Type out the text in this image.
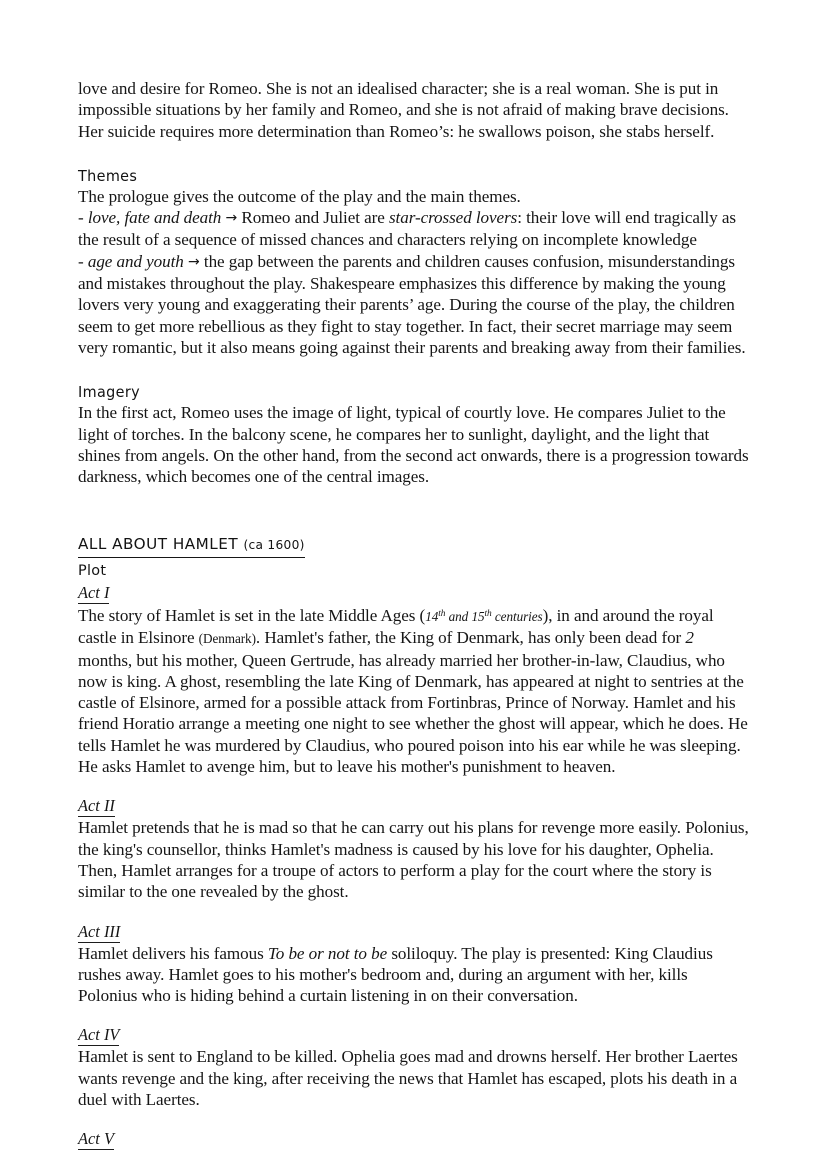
love and desire for Romeo. She is not an idealised character; she is a real woman. She is put in impossible situations by her family and Romeo, and she is not afraid of making brave decisions. Her suicide requires more determination than Romeo’s: he swallows poison, she stabs herself.

Themes

The prologue gives the outcome of the play and the main themes.

- love, fate and death → Romeo and Juliet are star-crossed lovers: their love will end tragically as the result of a sequence of missed chances and characters relying on incomplete knowledge

- age and youth → the gap between the parents and children causes confusion, misunderstandings and mistakes throughout the play. Shakespeare emphasizes this difference by making the young lovers very young and exaggerating their parents’ age. During the course of the play, the children seem to get more rebellious as they fight to stay together. In fact, their secret marriage may seem very romantic, but it also means going against their parents and breaking away from their families.

Imagery

In the first act, Romeo uses the image of light, typical of courtly love. He compares Juliet to the light of torches. In the balcony scene, he compares her to sunlight, daylight, and the light that shines from angels. On the other hand, from the second act onwards, there is a progression towards darkness, which becomes one of the central images.

ALL ABOUT HAMLET (ca 1600)

Plot

Act I

The story of Hamlet is set in the late Middle Ages (14th and 15th centuries), in and around the royal castle in Elsinore (Denmark). Hamlet's father, the King of Denmark, has only been dead for 2 months, but his mother, Queen Gertrude, has already married her brother-in-law, Claudius, who now is king. A ghost, resembling the late King of Denmark, has appeared at night to sentries at the castle of Elsinore, armed for a possible attack from Fortinbras, Prince of Norway. Hamlet and his friend Horatio arrange a meeting one night to see whether the ghost will appear, which he does. He tells Hamlet he was murdered by Claudius, who poured poison into his ear while he was sleeping. He asks Hamlet to avenge him, but to leave his mother's punishment to heaven.

Act II

Hamlet pretends that he is mad so that he can carry out his plans for revenge more easily. Polonius, the king's counsellor, thinks Hamlet's madness is caused by his love for his daughter, Ophelia. Then, Hamlet arranges for a troupe of actors to perform a play for the court where the story is similar to the one revealed by the ghost.

Act III

Hamlet delivers his famous To be or not to be soliloquy. The play is presented: King Claudius rushes away. Hamlet goes to his mother's bedroom and, during an argument with her, kills Polonius who is hiding behind a curtain listening in on their conversation.

Act IV

Hamlet is sent to England to be killed. Ophelia goes mad and drowns herself. Her brother Laertes wants revenge and the king, after receiving the news that Hamlet has escaped, plots his death in a duel with Laertes.

Act V
